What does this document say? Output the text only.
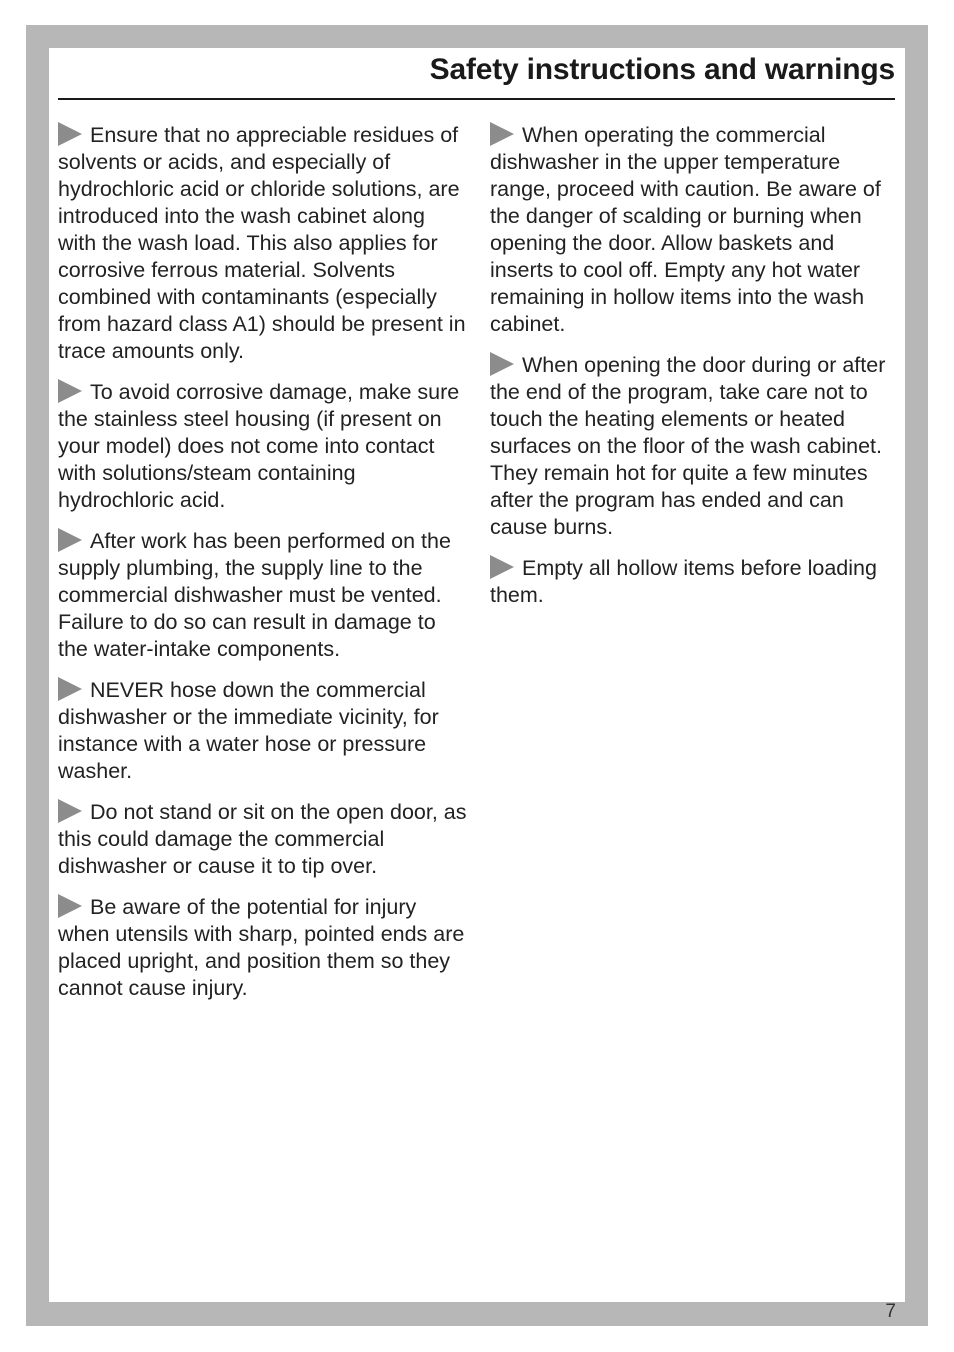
Safety instructions and warnings

Ensure that no appreciable residues of solvents or acids, and especially of hydrochloric acid or chloride solutions, are introduced into the wash cabinet along with the wash load. This also applies for corrosive ferrous material. Solvents combined with contaminants (especially from hazard class A1) should be present in trace amounts only.

To avoid corrosive damage, make sure the stainless steel housing (if present on your model) does not come into contact with solutions/steam containing hydrochloric acid.

After work has been performed on the supply plumbing, the supply line to the commercial dishwasher must be vented.

Failure to do so can result in damage to the water-intake components.

NEVER hose down the commercial dishwasher or the immediate vicinity, for instance with a water hose or pressure washer.

Do not stand or sit on the open door, as this could damage the commercial dishwasher or cause it to tip over.

Be aware of the potential for injury when utensils with sharp, pointed ends are placed upright, and position them so they cannot cause injury.

When operating the commercial dishwasher in the upper temperature range, proceed with caution. Be aware of the danger of scalding or burning when opening the door. Allow baskets and inserts to cool off. Empty any hot water remaining in hollow items into the wash cabinet.

When opening the door during or after the end of the program, take care not to touch the heating elements or heated surfaces on the floor of the wash cabinet. They remain hot for quite a few minutes after the program has ended and can cause burns.

Empty all hollow items before loading them.

7
